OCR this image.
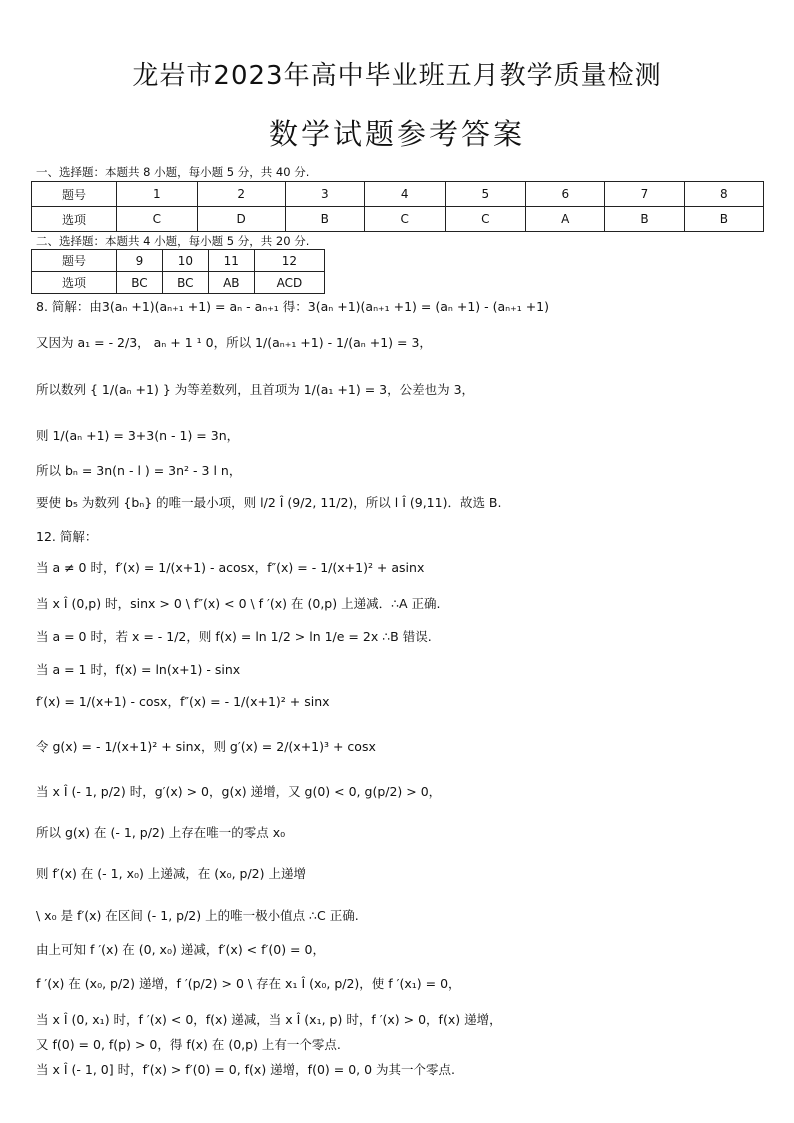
龙岩市2023年高中毕业班五月教学质量检测
数学试题参考答案
一、选择题：本题共 8 小题，每小题 5 分，共 40 分.
题号	1	2	3	4	5	6	7	8
选项	C	D	B	C	C	A	B	B
二、选择题：本题共 4 小题，每小题 5 分，共 20 分.
题号	9	10	11	12
选项	BC	BC	AB	ACD
8. 简解：由3(aₙ +1)(aₙ₊₁ +1) = aₙ - aₙ₊₁ 得：3(aₙ +1)(aₙ₊₁ +1) = (aₙ +1) - (aₙ₊₁ +1)
又因为 a₁ = - 2/3， aₙ + 1 ¹ 0，所以 1/(aₙ₊₁ +1) - 1/(aₙ +1) = 3，
所以数列 { 1/(aₙ +1) } 为等差数列，且首项为 1/(a₁ +1) = 3，公差也为 3，
则 1/(aₙ +1) = 3+3(n - 1) = 3n，
所以 bₙ = 3n(n - l ) = 3n² - 3 l n，
要使 b₅ 为数列 {bₙ} 的唯一最小项，则 l/2 Î (9/2, 11/2)，所以 l Î (9,11)．故选 B.
12. 简解：
当 a ≠ 0 时，f′(x) = 1/(x+1) - acosx，f″(x) = - 1/(x+1)² + asinx
当 x Î (0,p) 时，sinx > 0 \ f″(x) < 0 \ f ′(x) 在 (0,p) 上递减．∴A 正确.
当 a = 0 时，若 x = - 1/2，则 f(x) = ln 1/2 > ln 1/e = 2x ∴B 错误.
当 a = 1 时，f(x) = ln(x+1) - sinx
f′(x) = 1/(x+1) - cosx，f″(x) = - 1/(x+1)² + sinx
令 g(x) = - 1/(x+1)² + sinx，则 g′(x) = 2/(x+1)³ + cosx
当 x Î (- 1, p/2) 时，g′(x) > 0，g(x) 递增，又 g(0) < 0, g(p/2) > 0，
所以 g(x) 在 (- 1, p/2) 上存在唯一的零点 x₀
则 f′(x) 在 (- 1, x₀) 上递减，在 (x₀, p/2) 上递增
\ x₀ 是 f′(x) 在区间 (- 1, p/2) 上的唯一极小值点 ∴C 正确.
由上可知 f ′(x) 在 (0, x₀) 递减，f′(x) < f′(0) = 0，
f ′(x) 在 (x₀, p/2) 递增，f ′(p/2) > 0 \ 存在 x₁ Î (x₀, p/2)，使 f ′(x₁) = 0，
当 x Î (0, x₁) 时，f ′(x) < 0，f(x) 递减，当 x Î (x₁, p) 时，f ′(x) > 0，f(x) 递增，
又 f(0) = 0, f(p) > 0，得 f(x) 在 (0,p) 上有一个零点.
当 x Î (- 1, 0] 时，f′(x) > f′(0) = 0, f(x) 递增，f(0) = 0, 0 为其一个零点.
